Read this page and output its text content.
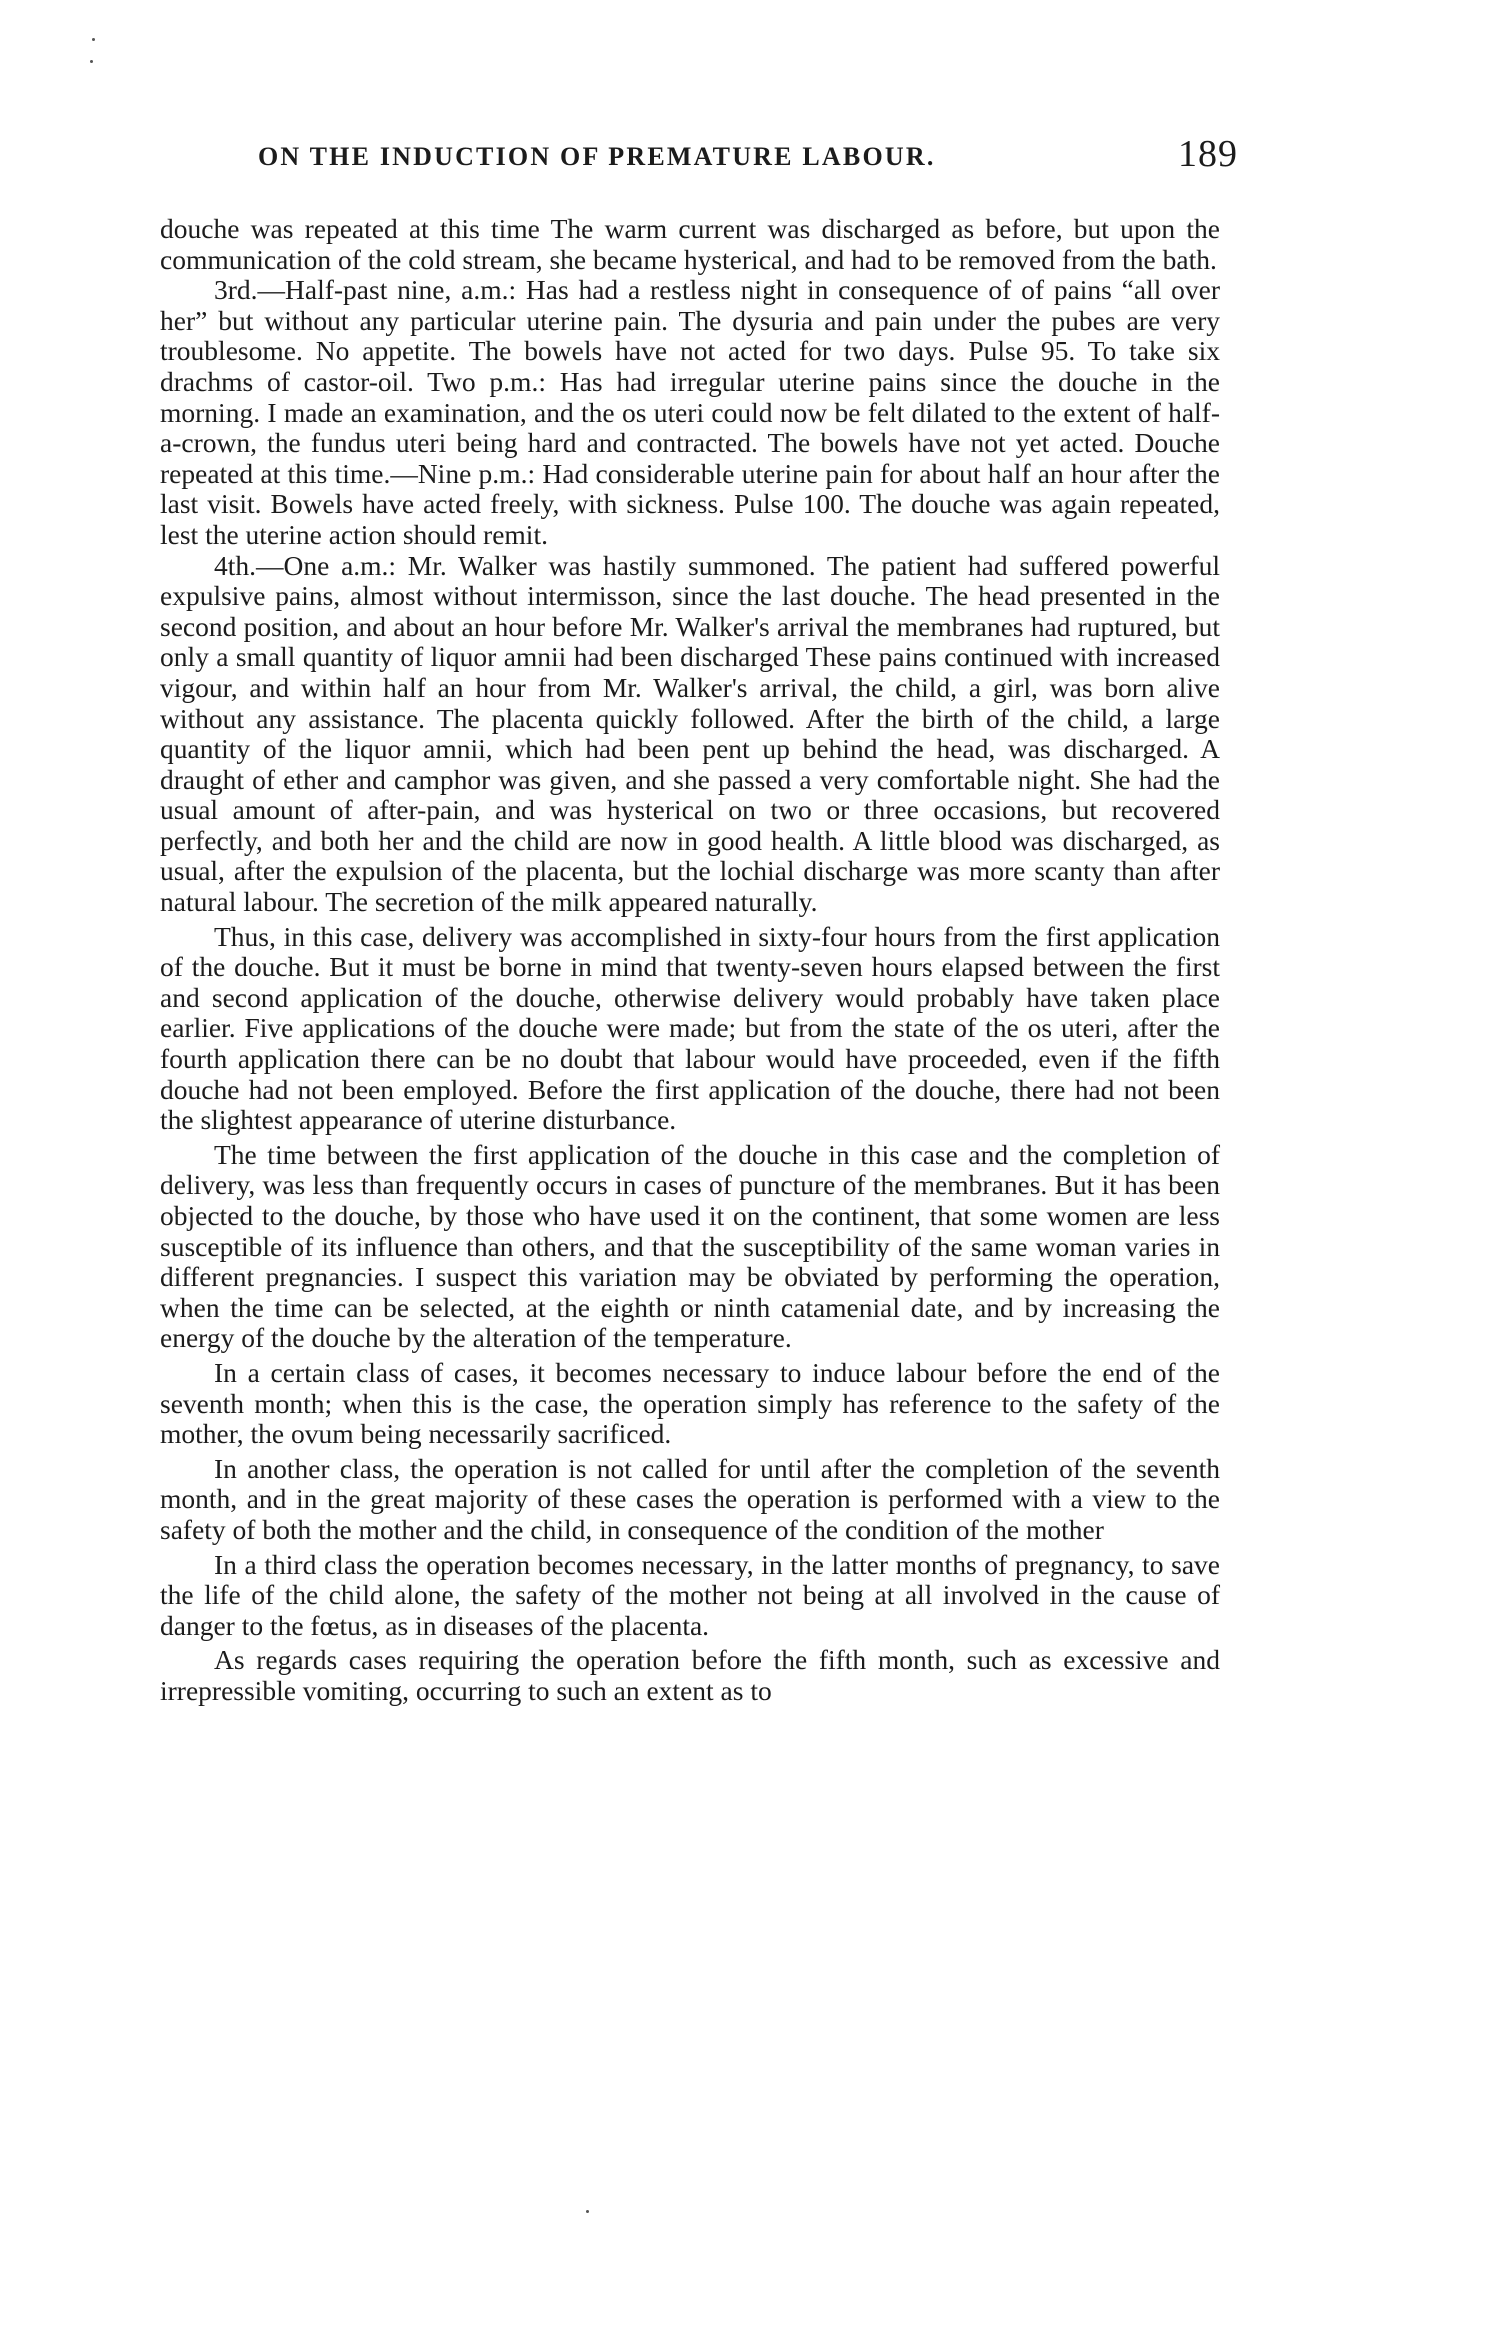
ON THE INDUCTION OF PREMATURE LABOUR.	189

douche was repeated at this time The warm current was discharged as before, but upon the communication of the cold stream, she became hysterical, and had to be removed from the bath.

3rd.—Half-past nine, a.m.: Has had a restless night in consequence of of pains “all over her” but without any particular uterine pain. The dysuria and pain under the pubes are very troublesome. No appetite. The bowels have not acted for two days. Pulse 95. To take six drachms of castor-oil. Two p.m.: Has had irregular uterine pains since the douche in the morning. I made an examination, and the os uteri could now be felt dilated to the extent of half-a-crown, the fundus uteri being hard and contracted. The bowels have not yet acted. Douche repeated at this time.—Nine p.m.: Had considerable uterine pain for about half an hour after the last visit. Bowels have acted freely, with sickness. Pulse 100. The douche was again repeated, lest the uterine action should remit.

4th.—One a.m.: Mr. Walker was hastily summoned. The patient had suffered powerful expulsive pains, almost without intermisson, since the last douche. The head presented in the second position, and about an hour before Mr. Walker's arrival the membranes had ruptured, but only a small quantity of liquor amnii had been discharged These pains continued with increased vigour, and within half an hour from Mr. Walker's arrival, the child, a girl, was born alive without any assistance. The placenta quickly followed. After the birth of the child, a large quantity of the liquor amnii, which had been pent up behind the head, was discharged. A draught of ether and camphor was given, and she passed a very comfortable night. She had the usual amount of after-pain, and was hysterical on two or three occasions, but recovered perfectly, and both her and the child are now in good health. A little blood was discharged, as usual, after the expulsion of the placenta, but the lochial discharge was more scanty than after natural labour. The secretion of the milk appeared naturally.

Thus, in this case, delivery was accomplished in sixty-four hours from the first application of the douche. But it must be borne in mind that twenty-seven hours elapsed between the first and second application of the douche, otherwise delivery would probably have taken place earlier. Five applications of the douche were made; but from the state of the os uteri, after the fourth application there can be no doubt that labour would have proceeded, even if the fifth douche had not been employed. Before the first application of the douche, there had not been the slightest appearance of uterine disturbance.

The time between the first application of the douche in this case and the completion of delivery, was less than frequently occurs in cases of puncture of the membranes. But it has been objected to the douche, by those who have used it on the continent, that some women are less susceptible of its influence than others, and that the susceptibility of the same woman varies in different pregnancies. I suspect this variation may be obviated by performing the operation, when the time can be selected, at the eighth or ninth catamenial date, and by increasing the energy of the douche by the alteration of the temperature.

In a certain class of cases, it becomes necessary to induce labour before the end of the seventh month; when this is the case, the operation simply has reference to the safety of the mother, the ovum being necessarily sacrificed.

In another class, the operation is not called for until after the completion of the seventh month, and in the great majority of these cases the operation is performed with a view to the safety of both the mother and the child, in consequence of the condition of the mother

In a third class the operation becomes necessary, in the latter months of pregnancy, to save the life of the child alone, the safety of the mother not being at all involved in the cause of danger to the fœtus, as in diseases of the placenta.

As regards cases requiring the operation before the fifth month, such as excessive and irrepressible vomiting, occurring to such an extent as to
